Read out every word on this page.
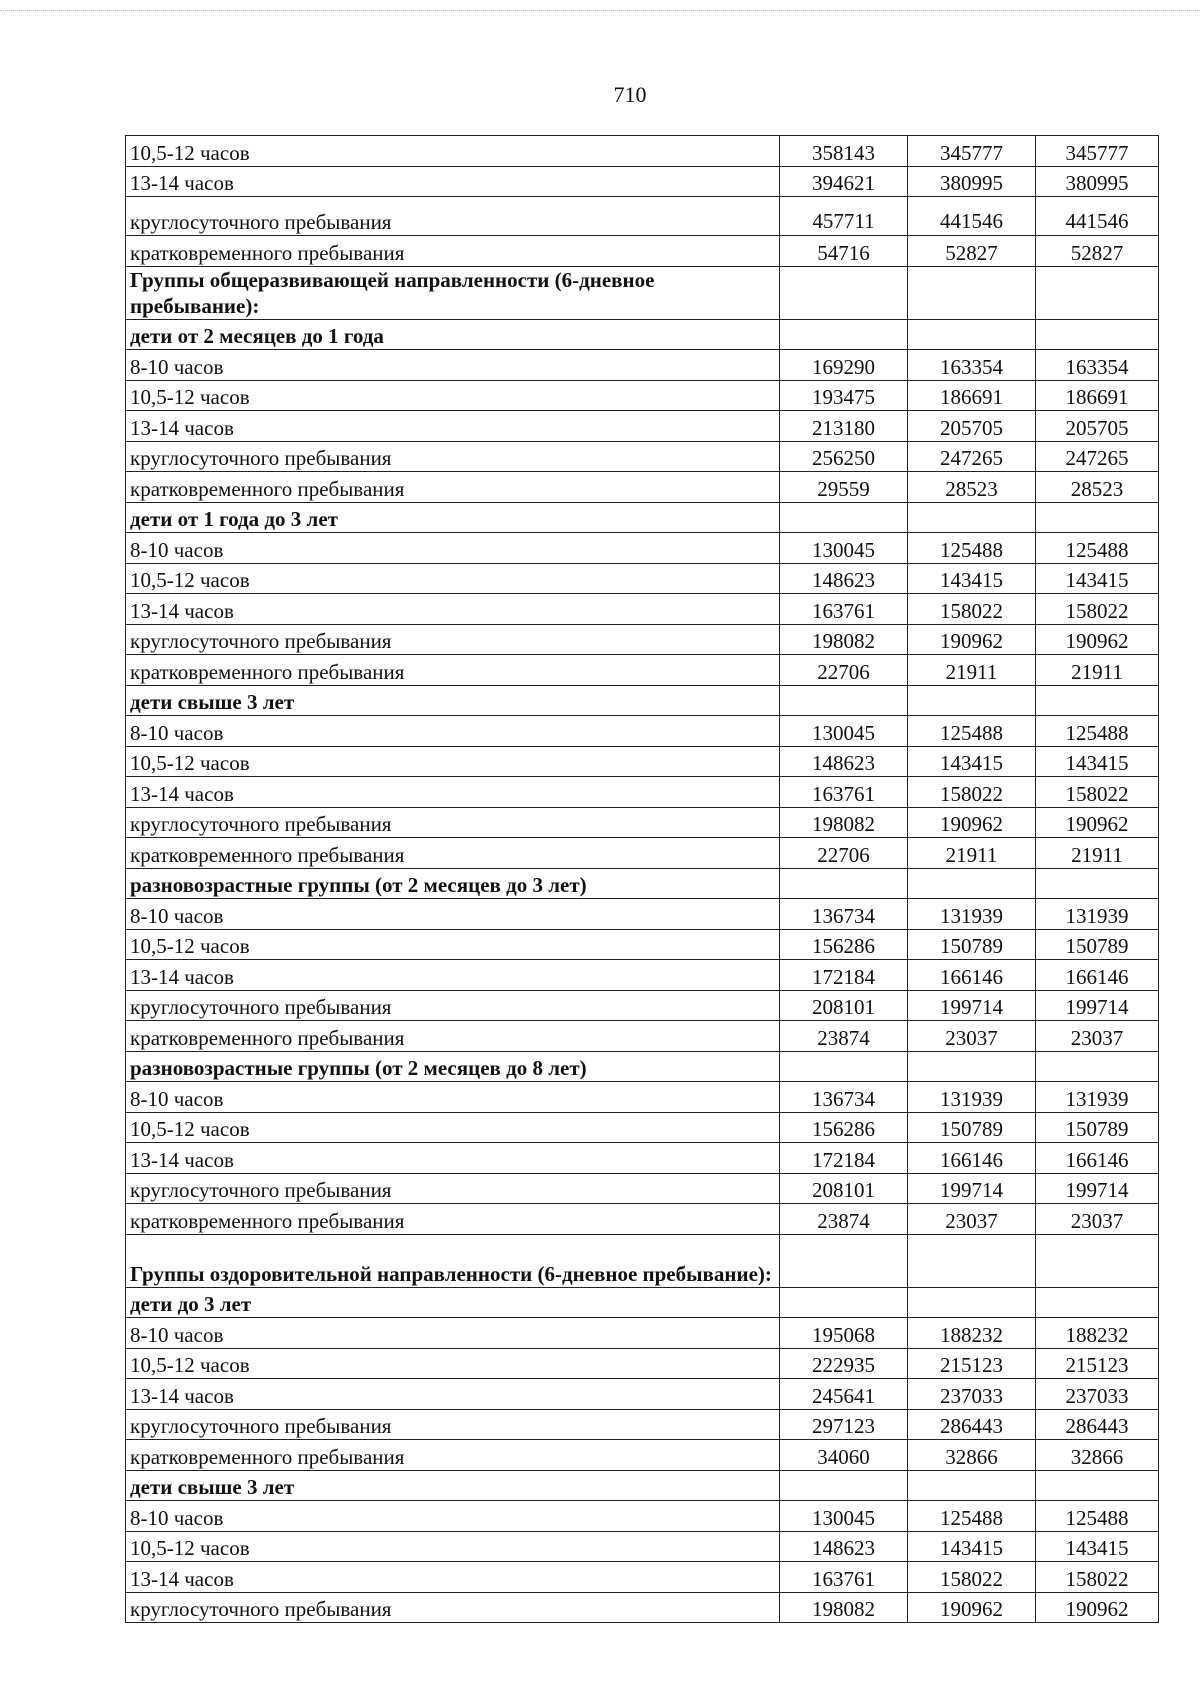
710
10,5-12 часов	358143	345777	345777
13-14 часов	394621	380995	380995
круглосуточного пребывания	457711	441546	441546
кратковременного пребывания	54716	52827	52827
Группы общеразвивающей направленности (6-дневное пребывание):			
дети от 2 месяцев до 1 года			
8-10 часов	169290	163354	163354
10,5-12 часов	193475	186691	186691
13-14 часов	213180	205705	205705
круглосуточного пребывания	256250	247265	247265
кратковременного пребывания	29559	28523	28523
дети от 1 года до 3 лет			
8-10 часов	130045	125488	125488
10,5-12 часов	148623	143415	143415
13-14 часов	163761	158022	158022
круглосуточного пребывания	198082	190962	190962
кратковременного пребывания	22706	21911	21911
дети свыше 3 лет			
8-10 часов	130045	125488	125488
10,5-12 часов	148623	143415	143415
13-14 часов	163761	158022	158022
круглосуточного пребывания	198082	190962	190962
кратковременного пребывания	22706	21911	21911
разновозрастные группы (от 2 месяцев до 3 лет)			
8-10 часов	136734	131939	131939
10,5-12 часов	156286	150789	150789
13-14 часов	172184	166146	166146
круглосуточного пребывания	208101	199714	199714
кратковременного пребывания	23874	23037	23037
разновозрастные группы (от 2 месяцев до 8 лет)			
8-10 часов	136734	131939	131939
10,5-12 часов	156286	150789	150789
13-14 часов	172184	166146	166146
круглосуточного пребывания	208101	199714	199714
кратковременного пребывания	23874	23037	23037
Группы оздоровительной направленности (6-дневное пребывание):			
дети до 3 лет			
8-10 часов	195068	188232	188232
10,5-12 часов	222935	215123	215123
13-14 часов	245641	237033	237033
круглосуточного пребывания	297123	286443	286443
кратковременного пребывания	34060	32866	32866
дети свыше 3 лет			
8-10 часов	130045	125488	125488
10,5-12 часов	148623	143415	143415
13-14 часов	163761	158022	158022
круглосуточного пребывания	198082	190962	190962
